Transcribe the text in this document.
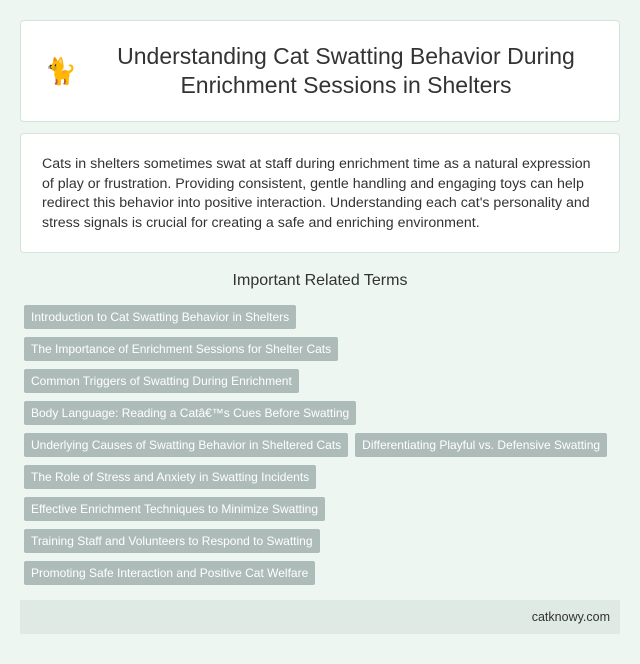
🐈	Understanding Cat Swatting Behavior During Enrichment Sessions in Shelters

Cats in shelters sometimes swat at staff during enrichment time as a natural expression of play or frustration. Providing consistent, gentle handling and engaging toys can help redirect this behavior into positive interaction. Understanding each cat's personality and stress signals is crucial for creating a safe and enriching environment.

Important Related Terms
Introduction to Cat Swatting Behavior in Shelters
The Importance of Enrichment Sessions for Shelter Cats
Common Triggers of Swatting During Enrichment
Body Language: Reading a Catâ€™s Cues Before Swatting
Underlying Causes of Swatting Behavior in Sheltered Cats	Differentiating Playful vs. Defensive Swatting
The Role of Stress and Anxiety in Swatting Incidents
Effective Enrichment Techniques to Minimize Swatting
Training Staff and Volunteers to Respond to Swatting
Promoting Safe Interaction and Positive Cat Welfare
catknowy.com
